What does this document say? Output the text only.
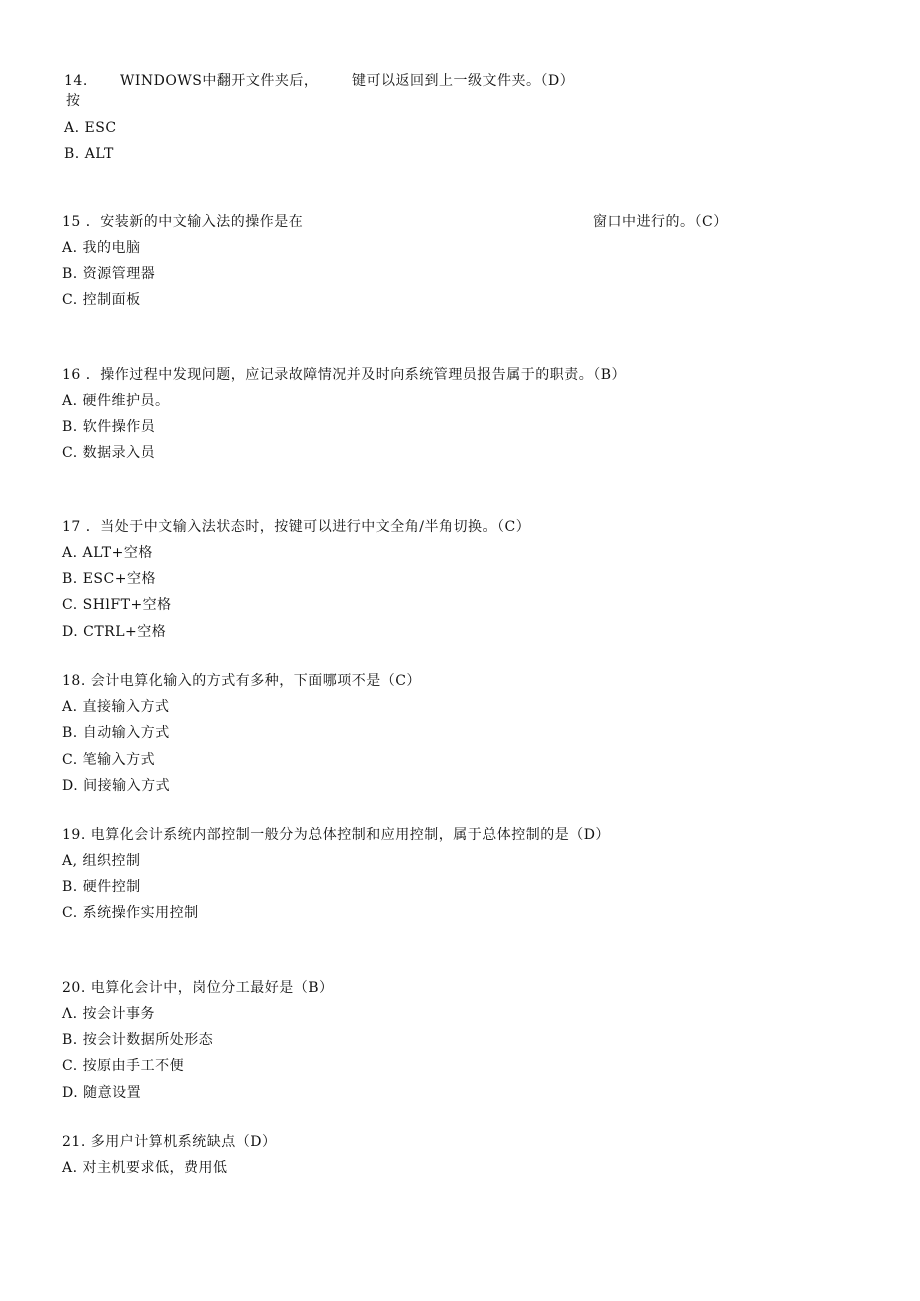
14. WINDOWS中翻开文件夹后， 键可以返回到上一级文件夹。（D）
按
A. ESC
B. ALT
15 ．安装新的中文输入法的操作是在	窗口中进行的。（C）
A. 我的电脑
B. 资源管理器
C. 控制面板
16 ．操作过程中发现问题，应记录故障情况并及时向系统管理员报告属于的职责。（B）
A. 硬件维护员。
B. 软件操作员
C. 数据录入员
17 ．当处于中文输入法状态时，按键可以进行中文全角/半角切换。（C）
A. ALT+空格
B. ESC+空格
C. SHlFT+空格
D. CTRL+空格
18. 会计电算化输入的方式有多种，下面哪项不是（C）
A. 直接输入方式
B. 自动输入方式
C. 笔输入方式
D. 间接输入方式
19. 电算化会计系统内部控制一般分为总体控制和应用控制，属于总体控制的是（D）
A, 组织控制
B. 硬件控制
C. 系统操作实用控制
20. 电算化会计中，岗位分工最好是（B）
Λ. 按会计事务
B. 按会计数据所处形态
C. 按原由手工不便
D. 随意设置
21. 多用户计算机系统缺点（D）
A. 对主机要求低，费用低
